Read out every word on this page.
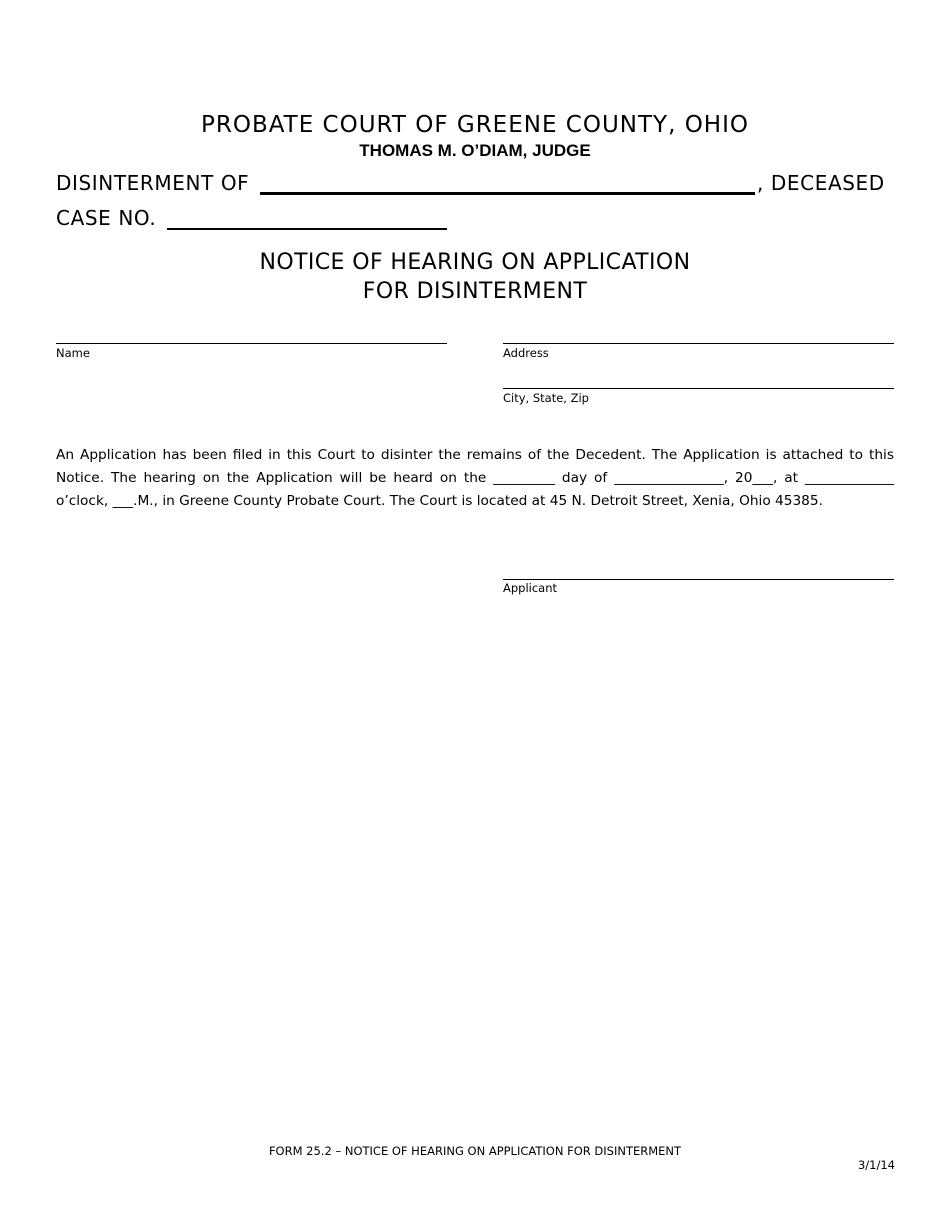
PROBATE COURT OF GREENE COUNTY, OHIO
THOMAS M. O’DIAM, JUDGE
DISINTERMENT OF	, DECEASED
CASE NO.
NOTICE OF HEARING ON APPLICATION
FOR DISINTERMENT
Name	Address
City, State, Zip
An Application has been filed in this Court to disinter the remains of the Decedent. The Application is attached to this Notice. The hearing on the Application will be heard on the _________ day of ________________, 20___, at _____________ o’clock, ___.M., in Greene County Probate Court. The Court is located at 45 N. Detroit Street, Xenia, Ohio 45385.
Applicant
FORM 25.2 – NOTICE OF HEARING ON APPLICATION FOR DISINTERMENT
3/1/14
